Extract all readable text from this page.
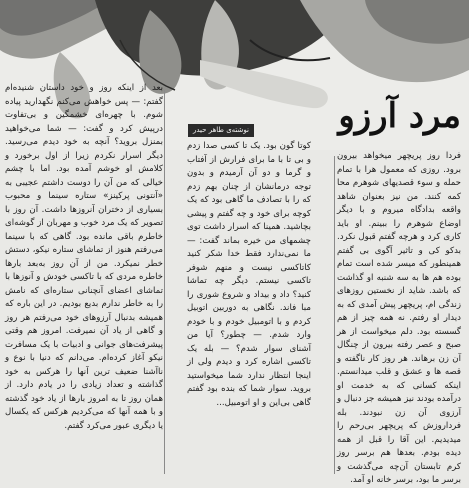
مرد آرزو
نوشته‌ی طاهر حیدر

فردا روز پریچهر میخواهد بیرون برود. روزی که معمول هرا با تمام حمله و سوء قصدیهای شوهرم محا کمه کنند. من نیز بعنوان شاهد واقعه بدادگاه میروم و با دیگر اوضاع شوهرم را ببینم. او باید کاری کرد و هرچه گفتم قبول نکرد. بدکو کی و تاثیر آگوی بی گفتم همینطور که میسر شده است تمام بوده هم ها به سه شنبه او گذاشت که باشد. شاید از نخستین روزهای زندگی ام، پریچهر پیش آمدی که به دیدار او رفتم. نه همه چیز از هم گسسته بود. دلم میخواست از هر صبح و عصر رفته بیرون از چنگال آن زن برهاند. هر روز کار ناگفته و قصه ها و عشق و قلب میدانستم. اینکه کسانی که به خدمت او درآمده بودند نیز همیشه جز دنبال و آرزوی آن زن نبودند. بله فرداروزش که پریچهر بی‌رحم را میدیدیم. این آقا را قبل از همه دیده بودم. بعدها هم برسر روز کرم تابستان آن‌چه‌ می‌گذشت و برسر ما بود، برسر خانه او آمد.

کوتا گون بود. یک تا کسی صدا زدم و بی تا با ما برای فرارش از آفتاب و گرما و دو آن آرمیدم و بدون توجه درمانشان از چنان بهم زدم که را با تصادف ما گاهی بود که یک کوچه برای خود و چه گفتم و پیشی بچاشید. همینا که اسرار داشت توی چشمهای من خیره بماند گفت: — ما نمی‌ندارد فقط خدا شکر کنید کاتاکسی نیست و منهم شوفر تاکسی نیستم. دیگر چه تماشا کنید؟ داد و بیداد و شروع شوری را مبا فاند. نگاهی به دوربین اتوبیل کردم و با اتومبیل خودم و با خودم وارد شدم. — چطور؟ آیا من آشنای سوار شدم؟ — بله یک تاکسی اشاره کرد و دیدم ولی از اینجا انتظار ندارد شما میخواستید بروید. سوار شما که بنده بود گفتم گاهی بی‌این و او اتومبیل...

بعد از اینکه روز و خود داستان شنیده‌ام گفتم: — پس خواهش می‌کنم نگهدارید پیاده شوم. با چهره‌ای خشمگین و بی‌تفاوت درپیش کرد و گفت: — شما می‌خواهید بمنزل بروید؟ آنچه به خود دیدم می‌رسید. دیگر اسرار نکردم زیرا از اول برخورد و کلامش او خوشم آمده بود. اما با چشم خیالی که من آن را دوست داشتم عجیبی به «آنتونی پرکینز» ستاره سینما و محبوب بسیاری از دختران آنروزها داشت. آن روز با تصویر که یک مرد خوب و مهربان از گوشه‌ای خاطرم باقی مانده بود. گاهی که با سینما می‌رفتم هنوز از تماشای ستاره نیکو، دستش خطر نمیکرد. من از آن روز به‌بعد بارها خاطره مردی که با تاکسی خودش و آنوزها با تماشای اعضای آنچنانی ستاره‌ای که نامش را به خاطر ندارم بدیع بودیم. در این باره که همیشه بدنبال آرزوهای خود می‌رفتم هر روز و گاهی از یاد آن نمیرفت. امروز هم وقتی پیشرفت‌های جوانی و ادبیات با یک مسافرت نیکو آغاز کرده‌ام. می‌دانم که دنیا با نوع و ناآشنا ضعیف ترین آنها را هرکس به خود گذاشته و تعداد زیادی را در یادم دارد. از همان روز تا به امروز بارها از یاد خود گذشته و با همه آنها که می‌کردیم هرکس که یکسال یا دیگری عبور می‌کرد گفتم.
